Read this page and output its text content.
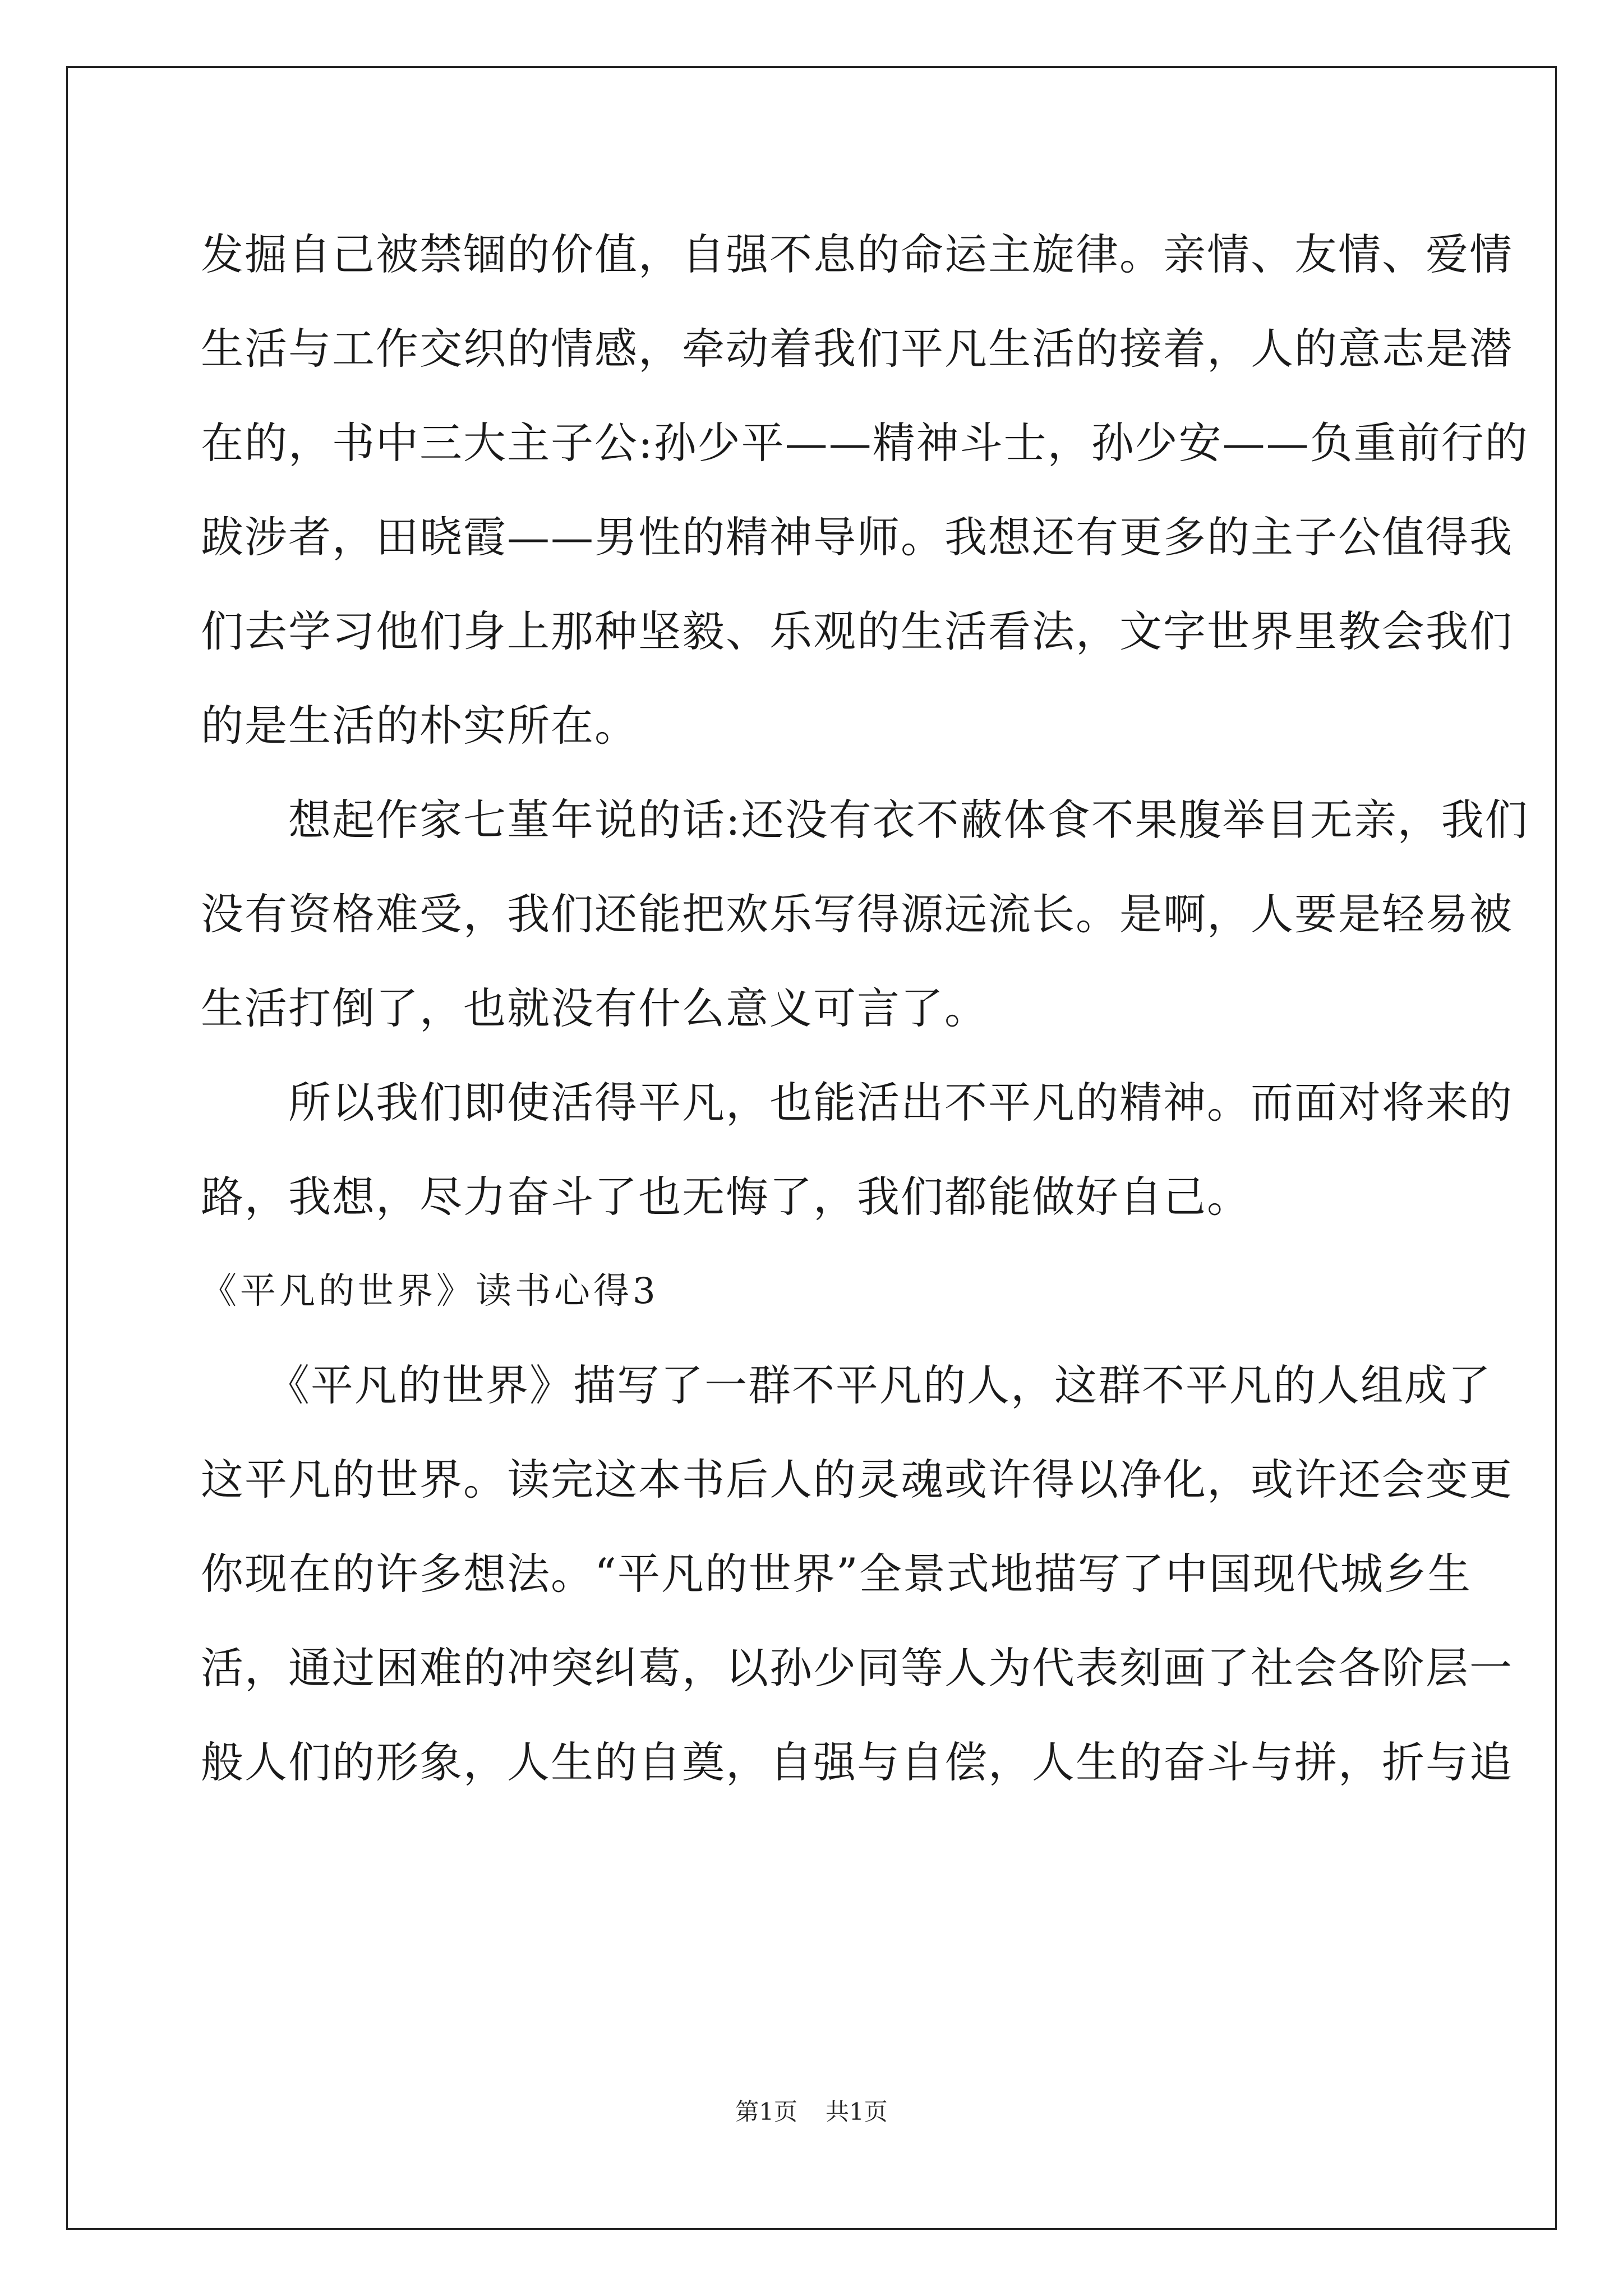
发掘自己被禁锢的价值，自强不息的命运主旋律。亲情、友情、爱情
生活与工作交织的情感，牵动着我们平凡生活的接着，人的意志是潜
在的，书中三大主子公:孙少平——精神斗士，孙少安——负重前行的
跋涉者，田晓霞——男性的精神导师。我想还有更多的主子公值得我
们去学习他们身上那种坚毅、乐观的生活看法，文字世界里教会我们
的是生活的朴实所在。
　　想起作家七堇年说的话:还没有衣不蔽体食不果腹举目无亲，我们
没有资格难受，我们还能把欢乐写得源远流长。是啊，人要是轻易被
生活打倒了，也就没有什么意义可言了。
　　所以我们即使活得平凡，也能活出不平凡的精神。而面对将来的
路，我想，尽力奋斗了也无悔了，我们都能做好自己。
《平凡的世界》读书心得3
　　《平凡的世界》描写了一群不平凡的人，这群不平凡的人组成了
这平凡的世界。读完这本书后人的灵魂或许得以净化，或许还会变更
你现在的许多想法。“平凡的世界”全景式地描写了中国现代城乡生
活，通过困难的冲突纠葛，以孙少同等人为代表刻画了社会各阶层一
般人们的形象，人生的自奠，自强与自偿，人生的奋斗与拼，折与追
第1页 共1页
